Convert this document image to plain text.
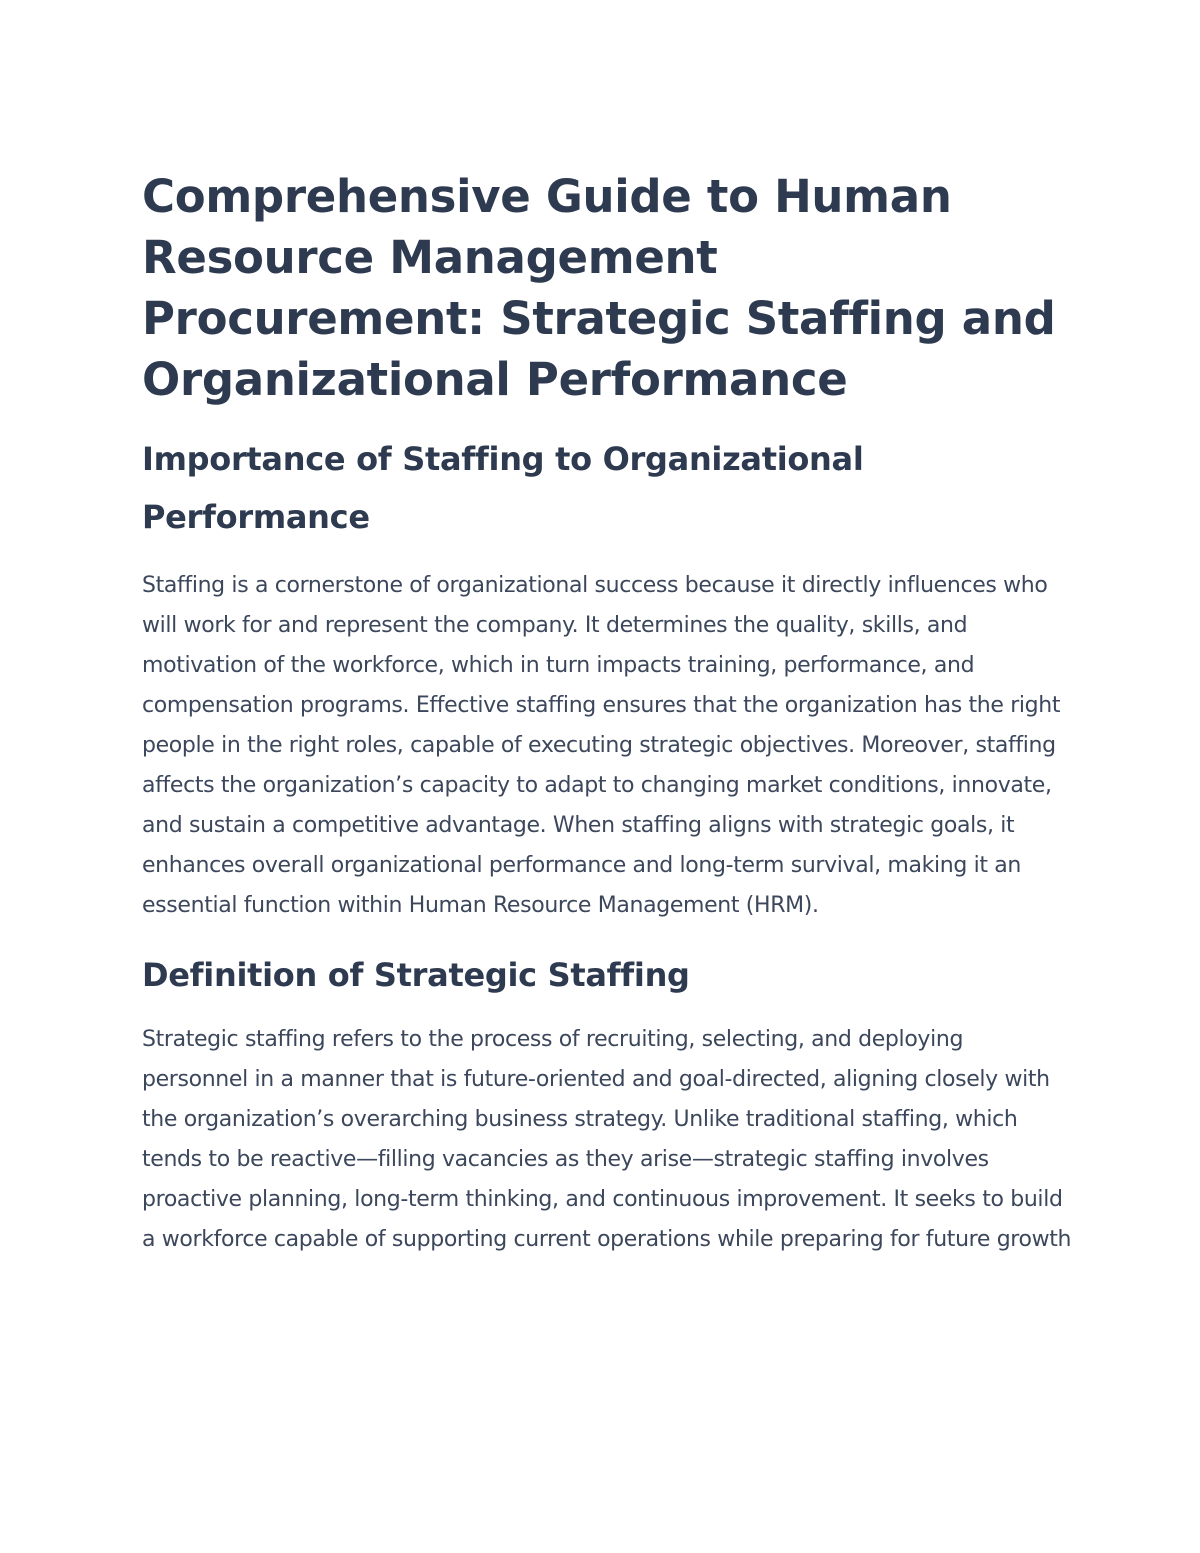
Comprehensive Guide to Human Resource Management Procurement: Strategic Staffing and Organizational Performance
Importance of Staffing to Organizational Performance

Staffing is a cornerstone of organizational success because it directly influences who will work for and represent the company. It determines the quality, skills, and motivation of the workforce, which in turn impacts training, performance, and compensation programs. Effective staffing ensures that the organization has the right people in the right roles, capable of executing strategic objectives. Moreover, staffing affects the organization’s capacity to adapt to changing market conditions, innovate, and sustain a competitive advantage. When staffing aligns with strategic goals, it enhances overall organizational performance and long-term survival, making it an essential function within Human Resource Management (HRM).

Definition of Strategic Staffing

Strategic staffing refers to the process of recruiting, selecting, and deploying personnel in a manner that is future-oriented and goal-directed, aligning closely with the organization’s overarching business strategy. Unlike traditional staffing, which tends to be reactive—filling vacancies as they arise—strategic staffing involves proactive planning, long-term thinking, and continuous improvement. It seeks to build a workforce capable of supporting current operations while preparing for future growth
